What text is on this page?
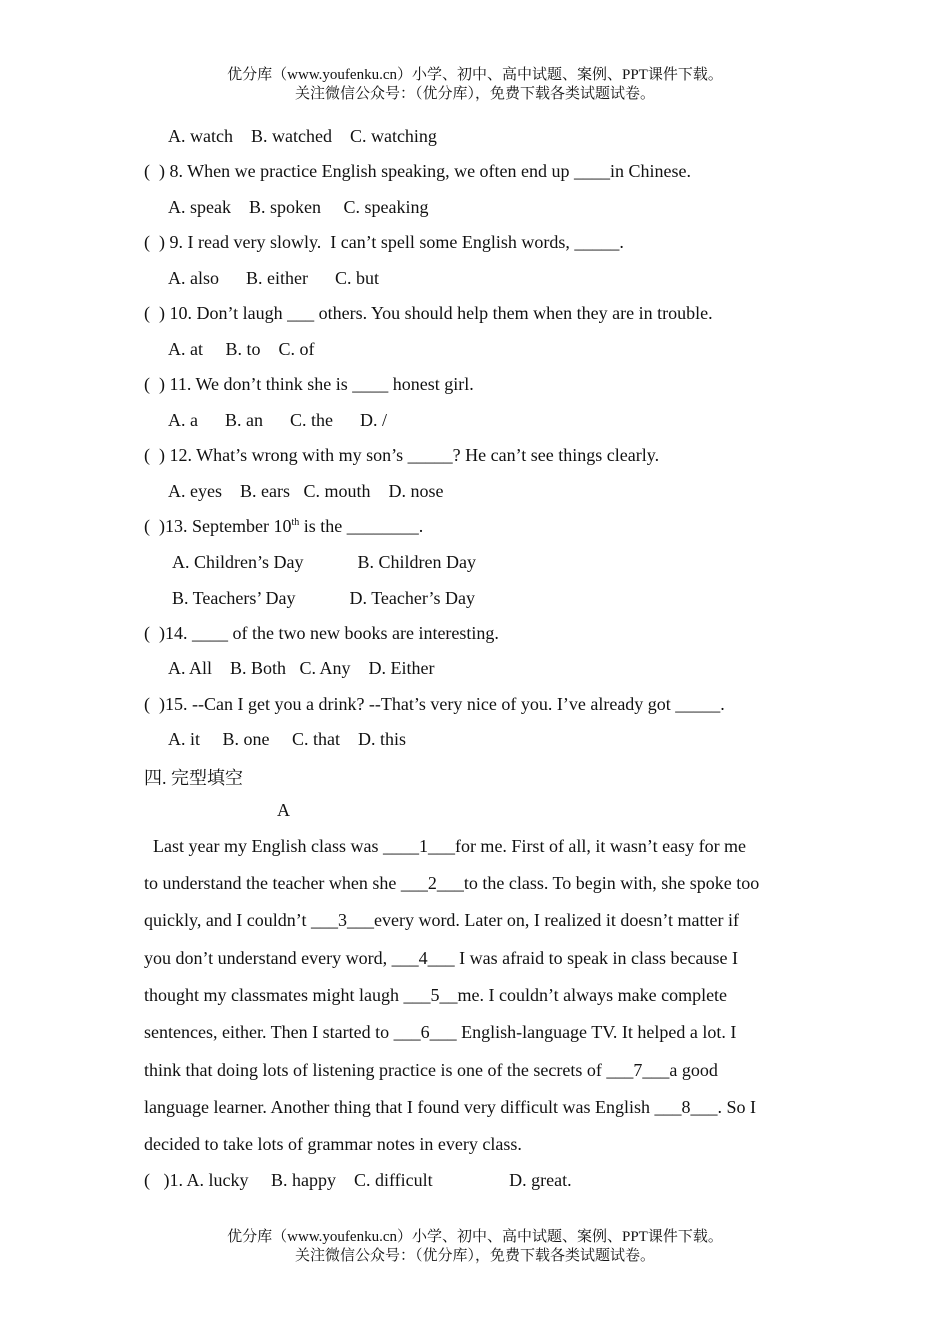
优分库（www.youfenku.cn）小学、初中、高中试题、案例、PPT课件下载。
关注微信公众号：（优分库），免费下载各类试题试卷。
A. watch    B. watched    C. watching
(  ) 8. When we practice English speaking, we often end up ____in Chinese.
A. speak    B. spoken     C. speaking
(  ) 9. I read very slowly.  I can’t spell some English words, _____.
A. also      B. either      C. but
(  ) 10. Don’t laugh ___ others. You should help them when they are in trouble.
A. at     B. to    C. of
(  ) 11. We don’t think she is ____ honest girl.
A. a      B. an      C. the      D. /
(  ) 12. What’s wrong with my son’s _____? He can’t see things clearly.
A. eyes    B. ears   C. mouth    D. nose
(  )13. September 10th is the ________.
A. Children’s Day            B. Children Day
B. Teachers’ Day            D. Teacher’s Day
(  )14. ____ of the two new books are interesting.
A. All    B. Both   C. Any    D. Either
(  )15. --Can I get you a drink? --That’s very nice of you. I’ve already got _____.
A. it     B. one     C. that    D. this
四. 完型填空
A
Last year my English class was ____1___for me. First of all, it wasn’t easy for me
to understand the teacher when she ___2___to the class. To begin with, she spoke too
quickly, and I couldn’t ___3___every word. Later on, I realized it doesn’t matter if
you don’t understand every word, ___4___ I was afraid to speak in class because I
thought my classmates might laugh ___5__me. I couldn’t always make complete
sentences, either. Then I started to ___6___ English-language TV. It helped a lot. I
think that doing lots of listening practice is one of the secrets of ___7___a good
language learner. Another thing that I found very difficult was English ___8___. So I
decided to take lots of grammar notes in every class.
(   )1. A. lucky     B. happy    C. difficult                 D. great.
优分库（www.youfenku.cn）小学、初中、高中试题、案例、PPT课件下载。
关注微信公众号：（优分库），免费下载各类试题试卷。
